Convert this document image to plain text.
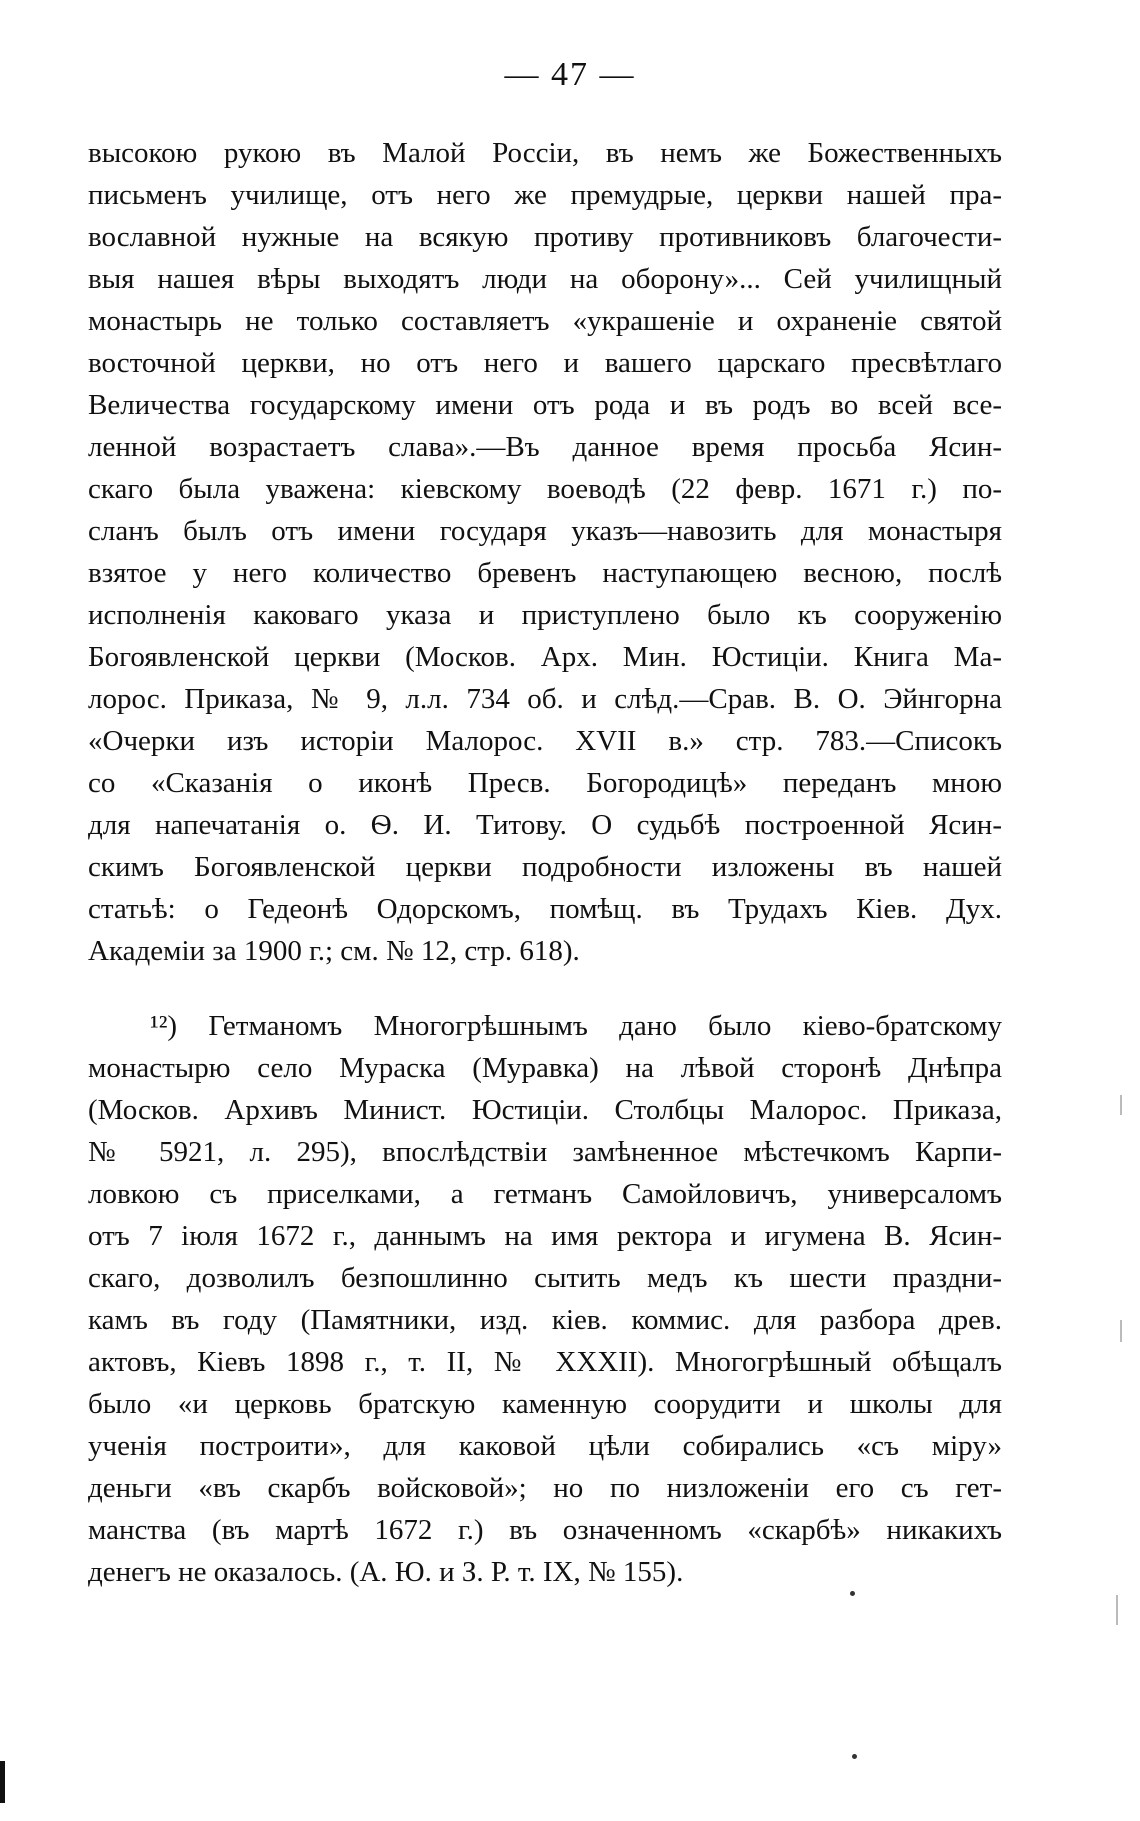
— 47 —
высокою рукою въ Малой Россіи, въ немъ же Божественныхъ
письменъ училище, отъ него же премудрые, церкви нашей пра-
вославной нужные на всякую противу противниковъ благочести-
выя нашея вѣры выходятъ люди на оборону»... Сей училищный
монастырь не только составляетъ «украшеніе и охраненіе святой
восточной церкви, но отъ него и вашего царскаго пресвѣтлаго
Величества государскому имени отъ рода и въ родъ во всей все-
ленной возрастаетъ слава».—Въ данное время просьба Ясин-
скаго была уважена: кіевскому воеводѣ (22 февр. 1671 г.) по-
сланъ былъ отъ имени государя указъ—навозить для монастыря
взятое у него количество бревенъ наступающею весною, послѣ
исполненія каковаго указа и приступлено было къ сооруженію
Богоявленской церкви (Москов. Арх. Мин. Юстиціи. Книга Ма-
лорос. Приказа, № 9, л.л. 734 об. и слѣд.—Срав. В. О. Эйнгорна
«Очерки изъ исторіи Малорос. XVII в.» стр. 783.—Списокъ
со «Сказанія о иконѣ Пресв. Богородицѣ» переданъ мною
для напечатанія о. Ѳ. И. Титову. О судьбѣ построенной Ясин-
скимъ Богоявленской церкви подробности изложены въ нашей
статьѣ: о Гедеонѣ Одорскомъ, помѣщ. въ Трудахъ Кіев. Дух.
Академіи за 1900 г.; см. № 12, стр. 618).
¹²) Гетманомъ Многогрѣшнымъ дано было кіево-братскому
монастырю село Мураска (Муравка) на лѣвой сторонѣ Днѣпра
(Москов. Архивъ Минист. Юстиціи. Столбцы Малорос. Приказа,
№ 5921, л. 295), впослѣдствіи замѣненное мѣстечкомъ Карпи-
ловкою съ приселками, а гетманъ Самойловичъ, универсаломъ
отъ 7 іюля 1672 г., даннымъ на имя ректора и игумена В. Ясин-
скаго, дозволилъ безпошлинно сытить медъ къ шести праздни-
камъ въ году (Памятники, изд. кіев. коммис. для разбора древ.
актовъ, Кіевъ 1898 г., т. II, № XXXII). Многогрѣшный обѣщалъ
было «и церковь братскую каменную соорудити и школы для
ученія построити», для каковой цѣли собирались «съ міру»
деньги «въ скарбъ войсковой»; но по низложеніи его съ гет-
манства (въ мартѣ 1672 г.) въ означенномъ «скарбѣ» никакихъ
денегъ не оказалось. (А. Ю. и З. Р. т. IX, № 155).
